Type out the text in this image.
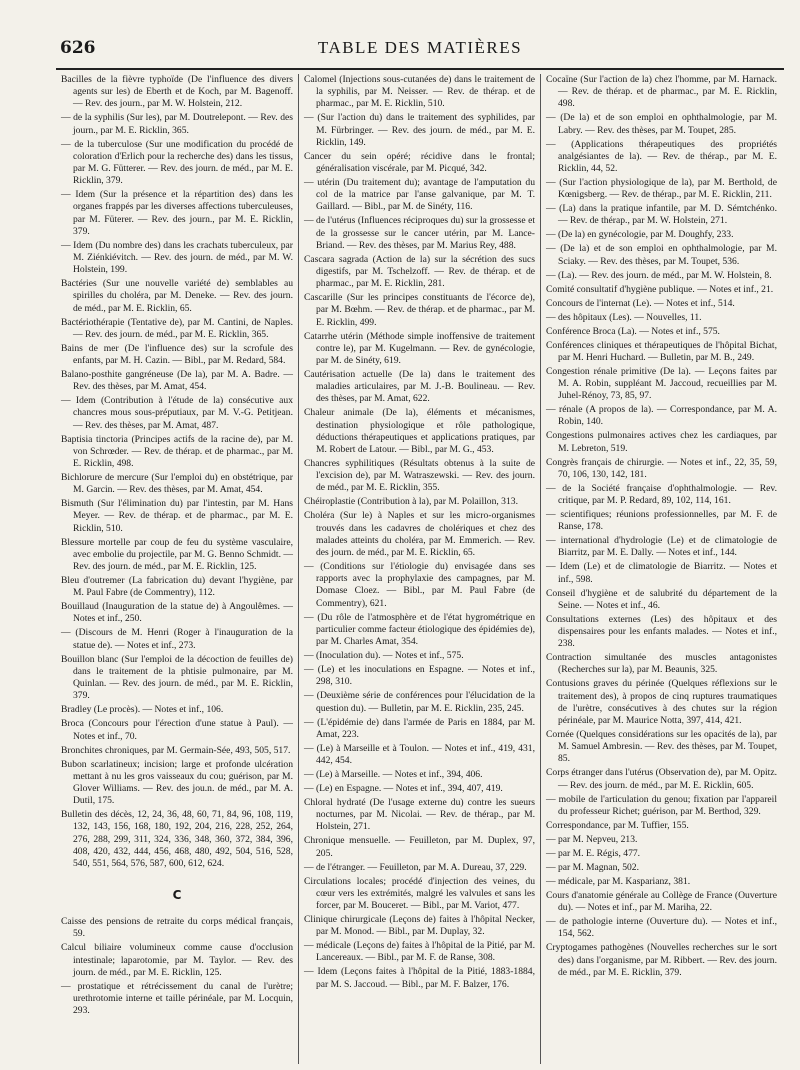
626	TABLE DES MATIÈRES

Bacilles de la fièvre typhoïde (De l'influence des divers agents sur les) de Eberth et de Koch, par M. Bagenoff. — Rev. des journ., par M. W. Holstein, 212.

— de la syphilis (Sur les), par M. Doutrelepont. — Rev. des journ., par M. E. Ricklin, 365.

— de la tuberculose (Sur une modification du procédé de coloration d'Erlich pour la recherche des) dans les tissus, par M. G. Fütterer. — Rev. des journ. de méd., par M. E. Ricklin, 379.

— Idem (Sur la présence et la répartition des) dans les organes frappés par les diverses affections tuberculeuses, par M. Füterer. — Rev. des journ., par M. E. Ricklin, 379.

— Idem (Du nombre des) dans les crachats tuberculeux, par M. Ziénkiévitch. — Rev. des journ. de méd., par M. W. Holstein, 199.

Bactéries (Sur une nouvelle variété de) semblables au spirilles du choléra, par M. Deneke. — Rev. des journ. de méd., par M. E. Ricklin, 65.

Bactériothérapie (Tentative de), par M. Cantini, de Naples. — Rev. des journ. de méd., par M. E. Ricklin, 365.

Bains de mer (De l'influence des) sur la scrofule des enfants, par M. H. Cazin. — Bibl., par M. Redard, 584.

Balano-posthite gangréneuse (De la), par M. A. Badre. — Rev. des thèses, par M. Amat, 454.

— Idem (Contribution à l'étude de la) consécutive aux chancres mous sous-préputiaux, par M. V.-G. Petitjean. — Rev. des thèses, par M. Amat, 487.

Baptisia tinctoria (Principes actifs de la racine de), par M. von Schrœder. — Rev. de thérap. et de pharmac., par M. E. Ricklin, 498.

Bichlorure de mercure (Sur l'emploi du) en obstétrique, par M. Garcin. — Rev. des thèses, par M. Amat, 454.

Bismuth (Sur l'élimination du) par l'intestin, par M. Hans Meyer. — Rev. de thérap. et de pharmac., par M. E. Ricklin, 510.

Blessure mortelle par coup de feu du système vasculaire, avec embolie du projectile, par M. G. Benno Schmidt. — Rev. des journ. de méd., par M. E. Ricklin, 125.

Bleu d'outremer (La fabrication du) devant l'hygiène, par M. Paul Fabre (de Commentry), 112.

Bouillaud (Inauguration de la statue de) à Angoulêmes. — Notes et inf., 250.

— (Discours de M. Henri (Roger à l'inauguration de la statue de). — Notes et inf., 273.

Bouillon blanc (Sur l'emploi de la décoction de feuilles de) dans le traitement de la phtisie pulmonaire, par M. Quinlan. — Rev. des journ. de méd., par M. E. Ricklin, 379.

Bradley (Le procès). — Notes et inf., 106.

Broca (Concours pour l'érection d'une statue à Paul). — Notes et inf., 70.

Bronchites chroniques, par M. Germain-Sée, 493, 505, 517.

Bubon scarlatineux; incision; large et profonde ulcération mettant à nu les gros vaisseaux du cou; guérison, par M. Glover Williams. — Rev. des jou.n. de méd., par M. A. Dutil, 175.

Bulletin des décès, 12, 24, 36, 48, 60, 71, 84, 96, 108, 119, 132, 143, 156, 168, 180, 192, 204, 216, 228, 252, 264, 276, 288, 299, 311, 324, 336, 348, 360, 372, 384, 396, 408, 420, 432, 444, 456, 468, 480, 492, 504, 516, 528, 540, 551, 564, 576, 587, 600, 612, 624.

C

Caisse des pensions de retraite du corps médical français, 59.

Calcul biliaire volumineux comme cause d'occlusion intestinale; laparotomie, par M. Taylor. — Rev. des journ. de méd., par M. E. Ricklin, 125.

— prostatique et rétrécissement du canal de l'urètre; urethrotomie interne et taille périnéale, par M. Locquin, 293.

Calomel (Injections sous-cutanées de) dans le traitement de la syphilis, par M. Neisser. — Rev. de thérap. et de pharmac., par M. E. Ricklin, 510.

— (Sur l'action du) dans le traitement des syphilides, par M. Fürbringer. — Rev. des journ. de méd., par M. E. Ricklin, 149.

Cancer du sein opéré; récidive dans le frontal; généralisation viscérale, par M. Picqué, 342.

— utérin (Du traitement du); avantage de l'amputation du col de la matrice par l'anse galvanique, par M. T. Gaillard. — Bibl., par M. de Sinéty, 116.

— de l'utérus (Influences réciproques du) sur la grossesse et de la grossesse sur le cancer utérin, par M. Lance-Briand. — Rev. des thèses, par M. Marius Rey, 488.

Cascara sagrada (Action de la) sur la sécrétion des sucs digestifs, par M. Tschelzoff. — Rev. de thérap. et de pharmac., par M. E. Ricklin, 281.

Cascarille (Sur les principes constituants de l'écorce de), par M. Bœhm. — Rev. de thérap. et de pharmac., par M. E. Ricklin, 499.

Catarrhe utérin (Méthode simple inoffensive de traitement contre le), par M. Kugelmann. — Rev. de gynécologie, par M. de Sinéty, 619.

Cautérisation actuelle (De la) dans le traitement des maladies articulaires, par M. J.-B. Boulineau. — Rev. des thèses, par M. Amat, 622.

Chaleur animale (De la), éléments et mécanismes, destination physiologique et rôle pathologique, déductions thérapeutiques et applications pratiques, par M. Robert de Latour. — Bibl., par M. G., 453.

Chancres syphilitiques (Résultats obtenus à la suite de l'excision de), par M. Watraszewski. — Rev. des journ. de méd., par M. E. Ricklin, 355.

Chéiroplastie (Contribution à la), par M. Polaillon, 313.

Choléra (Sur le) à Naples et sur les micro-organismes trouvés dans les cadavres de cholériques et chez des malades atteints du choléra, par M. Emmerich. — Rev. des journ. de méd., par M. E. Ricklin, 65.

— (Conditions sur l'étiologie du) envisagée dans ses rapports avec la prophylaxie des campagnes, par M. Domase Cloez. — Bibl., par M. Paul Fabre (de Commentry), 621.

— (Du rôle de l'atmosphère et de l'état hygrométrique en particulier comme facteur étiologique des épidémies de), par M. Charles Amat, 354.

— (Inoculation du). — Notes et inf., 575.

— (Le) et les inoculations en Espagne. — Notes et inf., 298, 310.

— (Deuxième série de conférences pour l'élucidation de la question du). — Bulletin, par M. E. Ricklin, 235, 245.

— (L'épidémie de) dans l'armée de Paris en 1884, par M. Amat, 223.

— (Le) à Marseille et à Toulon. — Notes et inf., 419, 431, 442, 454.

— (Le) à Marseille. — Notes et inf., 394, 406.

— (Le) en Espagne. — Notes et inf., 394, 407, 419.

Chloral hydraté (De l'usage externe du) contre les sueurs nocturnes, par M. Nicolai. — Rev. de thérap., par M. Holstein, 271.

Chronique mensuelle. — Feuilleton, par M. Duplex, 97, 205.

— de l'étranger. — Feuilleton, par M. A. Dureau, 37, 229.

Circulations locales; procédé d'injection des veines, du cœur vers les extrémités, malgré les valvules et sans les forcer, par M. Bouceret. — Bibl., par M. Variot, 477.

Clinique chirurgicale (Leçons de) faites à l'hôpital Necker, par M. Monod. — Bibl., par M. Duplay, 32.

— médicale (Leçons de) faites à l'hôpital de la Pitié, par M. Lancereaux. — Bibl., par M. F. de Ranse, 308.

— Idem (Leçons faites à l'hôpital de la Pitié, 1883-1884, par M. S. Jaccoud. — Bibl., par M. F. Balzer, 176.

Cocaïne (Sur l'action de la) chez l'homme, par M. Harnack. — Rev. de thérap. et de pharmac., par M. E. Ricklin, 498.

— (De la) et de son emploi en ophthalmologie, par M. Labry. — Rev. des thèses, par M. Toupet, 285.

— (Applications thérapeutiques des propriétés analgésiantes de la). — Rev. de thérap., par M. E. Ricklin, 44, 52.

— (Sur l'action physiologique de la), par M. Berthold, de Kœnigsberg. — Rev. de thérap., par M. E. Ricklin, 211.

— (La) dans la pratique infantile, par M. D. Sémtchénko. — Rev. de thérap., par M. W. Holstein, 271.

— (De la) en gynécologie, par M. Doughfy, 233.

— (De la) et de son emploi en ophthalmologie, par M. Sciaky. — Rev. des thèses, par M. Toupet, 536.

— (La). — Rev. des journ. de méd., par M. W. Holstein, 8.

Comité consultatif d'hygiène publique. — Notes et inf., 21.

Concours de l'internat (Le). — Notes et inf., 514.

— des hôpitaux (Les). — Nouvelles, 11.

Conférence Broca (La). — Notes et inf., 575.

Conférences cliniques et thérapeutiques de l'hôpital Bichat, par M. Henri Huchard. — Bulletin, par M. B., 249.

Congestion rénale primitive (De la). — Leçons faites par M. A. Robin, suppléant M. Jaccoud, recueillies par M. Juhel-Rénoy, 73, 85, 97.

— rénale (A propos de la). — Correspondance, par M. A. Robin, 140.

Congestions pulmonaires actives chez les cardiaques, par M. Lebreton, 519.

Congrès français de chirurgie. — Notes et inf., 22, 35, 59, 70, 106, 130, 142, 181.

— de la Société française d'ophthalmologie. — Rev. critique, par M. P. Redard, 89, 102, 114, 161.

— scientifiques; réunions professionnelles, par M. F. de Ranse, 178.

— international d'hydrologie (Le) et de climatologie de Biarritz, par M. E. Dally. — Notes et inf., 144.

— Idem (Le) et de climatologie de Biarritz. — Notes et inf., 598.

Conseil d'hygiène et de salubrité du département de la Seine. — Notes et inf., 46.

Consultations externes (Les) des hôpitaux et des dispensaires pour les enfants malades. — Notes et inf., 238.

Contraction simultanée des muscles antagonistes (Recherches sur la), par M. Beaunis, 325.

Contusions graves du périnée (Quelques réflexions sur le traitement des), à propos de cinq ruptures traumatiques de l'urètre, consécutives à des chutes sur la région périnéale, par M. Maurice Notta, 397, 414, 421.

Cornée (Quelques considérations sur les opacités de la), par M. Samuel Ambresin. — Rev. des thèses, par M. Toupet, 85.

Corps étranger dans l'utérus (Observation de), par M. Opitz. — Rev. des journ. de méd., par M. E. Ricklin, 605.

— mobile de l'articulation du genou; fixation par l'appareil du professeur Richet; guérison, par M. Berthod, 329.

Correspondance, par M. Tuffier, 155.

— par M. Nepveu, 213.

— par M. E. Régis, 477.

— par M. Magnan, 502.

— médicale, par M. Kasparianz, 381.

Cours d'anatomie générale au Collège de France (Ouverture du). — Notes et inf., par M. Mariha, 22.

— de pathologie interne (Ouverture du). — Notes et inf., 154, 562.

Cryptogames pathogènes (Nouvelles recherches sur le sort des) dans l'organisme, par M. Ribbert. — Rev. des journ. de méd., par M. E. Ricklin, 379.
